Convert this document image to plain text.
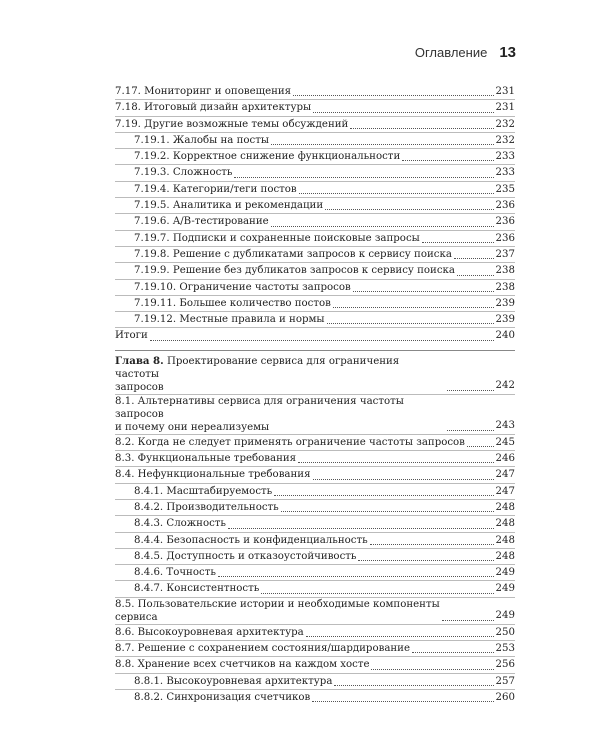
Оглавление 13
7.17. Мониторинг и оповещения	231
7.18. Итоговый дизайн архитектуры	231
7.19. Другие возможные темы обсуждений	232
7.19.1. Жалобы на посты	232
7.19.2. Корректное снижение функциональности	233
7.19.3. Сложность	233
7.19.4. Категории/теги постов	235
7.19.5. Аналитика и рекомендации	236
7.19.6. A/B-тестирование	236
7.19.7. Подписки и сохраненные поисковые запросы	236
7.19.8. Решение с дубликатами запросов к сервису поиска	237
7.19.9. Решение без дубликатов запросов к сервису поиска	238
7.19.10. Ограничение частоты запросов	238
7.19.11. Большее количество постов	239
7.19.12. Местные правила и нормы	239
Итоги	240
Глава 8. Проектирование сервиса для ограничения частоты
запросов	242
8.1. Альтернативы сервиса для ограничения частоты запросов
и почему они нереализуемы	243
8.2. Когда не следует применять ограничение частоты запросов	245
8.3. Функциональные требования	246
8.4. Нефункциональные требования	247
8.4.1. Масштабируемость	247
8.4.2. Производительность	248
8.4.3. Сложность	248
8.4.4. Безопасность и конфиденциальность	248
8.4.5. Доступность и отказоустойчивость	248
8.4.6. Точность	249
8.4.7. Консистентность	249
8.5. Пользовательские истории и необходимые компоненты
сервиса	249
8.6. Высокоуровневая архитектура	250
8.7. Решение с сохранением состояния/шардирование	253
8.8. Хранение всех счетчиков на каждом хосте	256
8.8.1. Высокоуровневая архитектура	257
8.8.2. Синхронизация счетчиков	260
